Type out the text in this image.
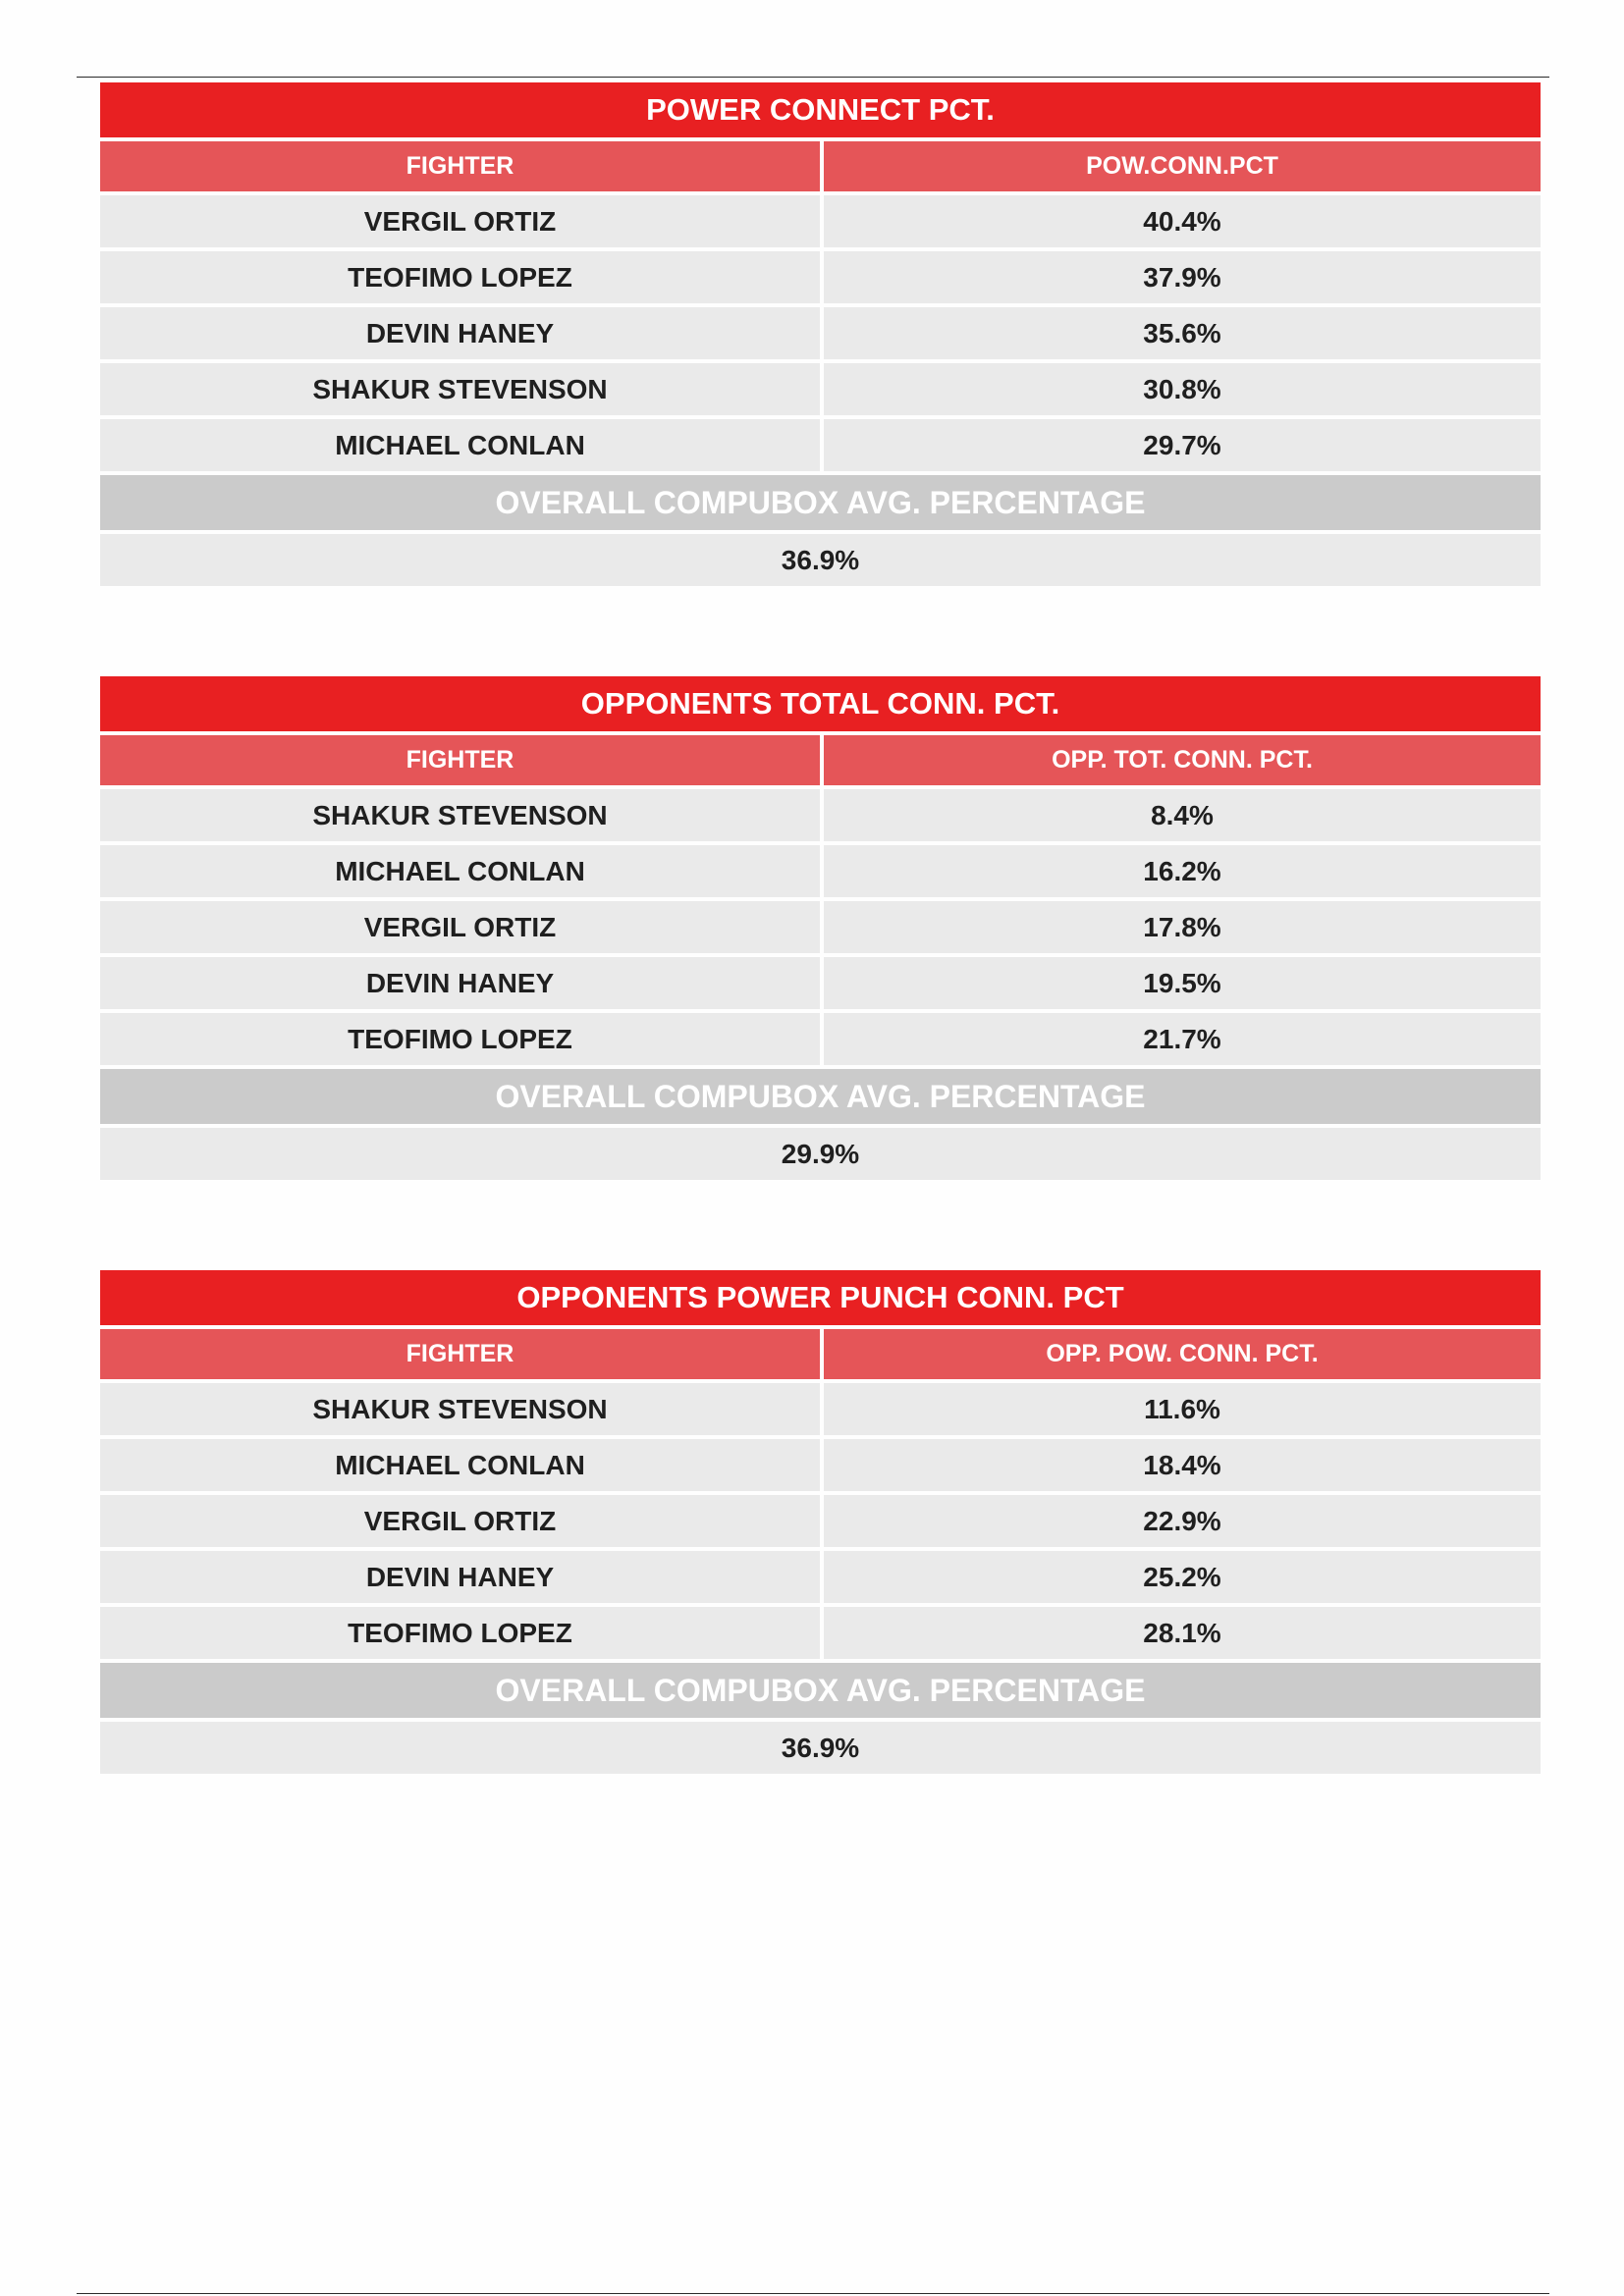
POWER CONNECT PCT.
FIGHTER	POW.CONN.PCT
VERGIL ORTIZ	40.4%
TEOFIMO LOPEZ	37.9%
DEVIN HANEY	35.6%
SHAKUR STEVENSON	30.8%
MICHAEL CONLAN	29.7%
OVERALL COMPUBOX AVG. PERCENTAGE
36.9%
OPPONENTS TOTAL CONN. PCT.
FIGHTER	OPP. TOT. CONN. PCT.
SHAKUR STEVENSON	8.4%
MICHAEL CONLAN	16.2%
VERGIL ORTIZ	17.8%
DEVIN HANEY	19.5%
TEOFIMO LOPEZ	21.7%
OVERALL COMPUBOX AVG. PERCENTAGE
29.9%
OPPONENTS POWER PUNCH CONN. PCT
FIGHTER	OPP. POW. CONN. PCT.
SHAKUR STEVENSON	11.6%
MICHAEL CONLAN	18.4%
VERGIL ORTIZ	22.9%
DEVIN HANEY	25.2%
TEOFIMO LOPEZ	28.1%
OVERALL COMPUBOX AVG. PERCENTAGE
36.9%
